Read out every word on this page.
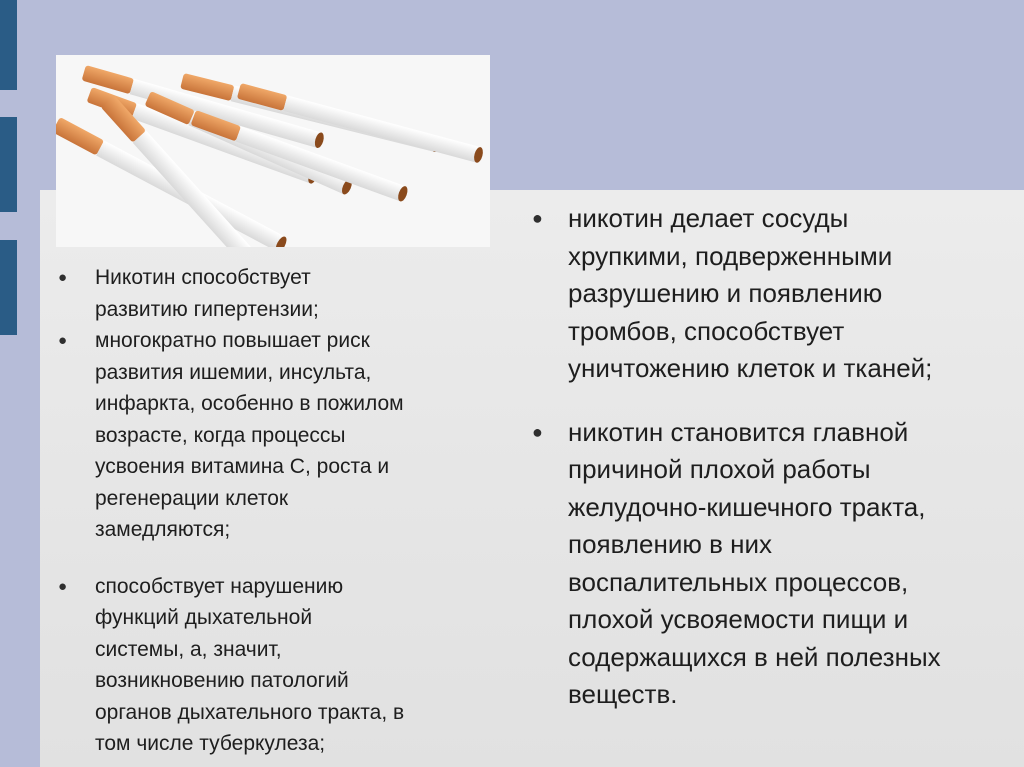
● Никотин способствует
развитию гипертензии;
● многократно повышает риск
развития ишемии, инсульта,
инфаркта, особенно в пожилом
возрасте, когда процессы
усвоения витамина С, роста и
регенерации клеток
замедляются;
● способствует нарушению
функций дыхательной
системы, а, значит,
возникновению патологий
органов дыхательного тракта, в
том числе туберкулеза;
● никотин делает сосуды
хрупкими, подверженными
разрушению и появлению
тромбов, способствует
уничтожению клеток и тканей;
● никотин становится главной
причиной плохой работы
желудочно-кишечного тракта,
появлению в них
воспалительных процессов,
плохой усвояемости пищи и
содержащихся в ней полезных
веществ.
